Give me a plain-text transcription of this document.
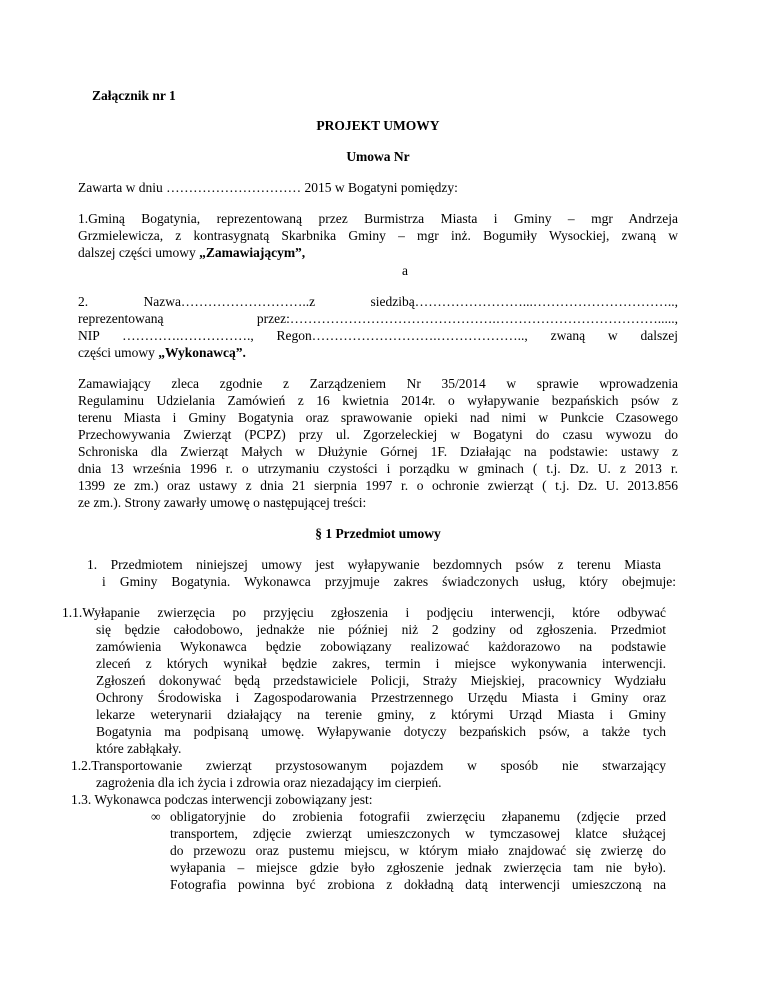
Załącznik nr 1
PROJEKT UMOWY
Umowa Nr
Zawarta w dniu ………………………… 2015 w Bogatyni pomiędzy:
1.Gminą Bogatynia, reprezentowaną przez Burmistrza Miasta i Gminy – mgr Andrzeja
Grzmielewicza, z kontrasygnatą Skarbnika Gminy – mgr inż. Bogumiły Wysockiej, zwaną w
dalszej części umowy „Zamawiającym”,
a
2. Nazwa………………………..z siedzibą……………………...…………………………..,
reprezentowaną przez:……………………………………….……………………………….....,
NIP ………….……………., Regon……………………….……………….., zwaną w dalszej
części umowy „Wykonawcą”.
Zamawiający zleca zgodnie z Zarządzeniem Nr 35/2014 w sprawie wprowadzenia
Regulaminu Udzielania Zamówień z 16 kwietnia 2014r. o wyłapywanie bezpańskich psów z
terenu Miasta i Gminy Bogatynia oraz sprawowanie opieki nad nimi w Punkcie Czasowego
Przechowywania Zwierząt (PCPZ) przy ul. Zgorzeleckiej w Bogatyni do czasu wywozu do
Schroniska dla Zwierząt Małych w Dłużynie Górnej 1F. Działając na podstawie: ustawy z
dnia 13 września 1996 r. o utrzymaniu czystości i porządku w gminach ( t.j. Dz. U. z 2013 r.
1399 ze zm.) oraz ustawy z dnia 21 sierpnia 1997 r. o ochronie zwierząt ( t.j. Dz. U. 2013.856
ze zm.). Strony zawarły umowę o następującej treści:
§ 1 Przedmiot umowy
1. Przedmiotem niniejszej umowy jest wyłapywanie bezdomnych psów z terenu Miasta
i Gminy Bogatynia. Wykonawca przyjmuje zakres świadczonych usług, który obejmuje:
1.1.Wyłapanie zwierzęcia po przyjęciu zgłoszenia i podjęciu interwencji, które odbywać
się będzie całodobowo, jednakże nie później niż 2 godziny od zgłoszenia. Przedmiot
zamówienia Wykonawca będzie zobowiązany realizować każdorazowo na podstawie
zleceń z których wynikał będzie zakres, termin i miejsce wykonywania interwencji.
Zgłoszeń dokonywać będą przedstawiciele Policji, Straży Miejskiej, pracownicy Wydziału
Ochrony Środowiska i Zagospodarowania Przestrzennego Urzędu Miasta i Gminy oraz
lekarze weterynarii działający na terenie gminy, z którymi Urząd Miasta i Gminy
Bogatynia ma podpisaną umowę. Wyłapywanie dotyczy bezpańskich psów, a także tych
które zabłąkały.
1.2.Transportowanie zwierząt przystosowanym pojazdem w sposób nie stwarzający
zagrożenia dla ich życia i zdrowia oraz niezadający im cierpień.
1.3. Wykonawca podczas interwencji zobowiązany jest:
∞ obligatoryjnie do zrobienia fotografii zwierzęciu złapanemu (zdjęcie przed
transportem, zdjęcie zwierząt umieszczonych w tymczasowej klatce służącej
do przewozu oraz pustemu miejscu, w którym miało znajdować się zwierzę do
wyłapania – miejsce gdzie było zgłoszenie jednak zwierzęcia tam nie było).
Fotografia powinna być zrobiona z dokładną datą interwencji umieszczoną na
